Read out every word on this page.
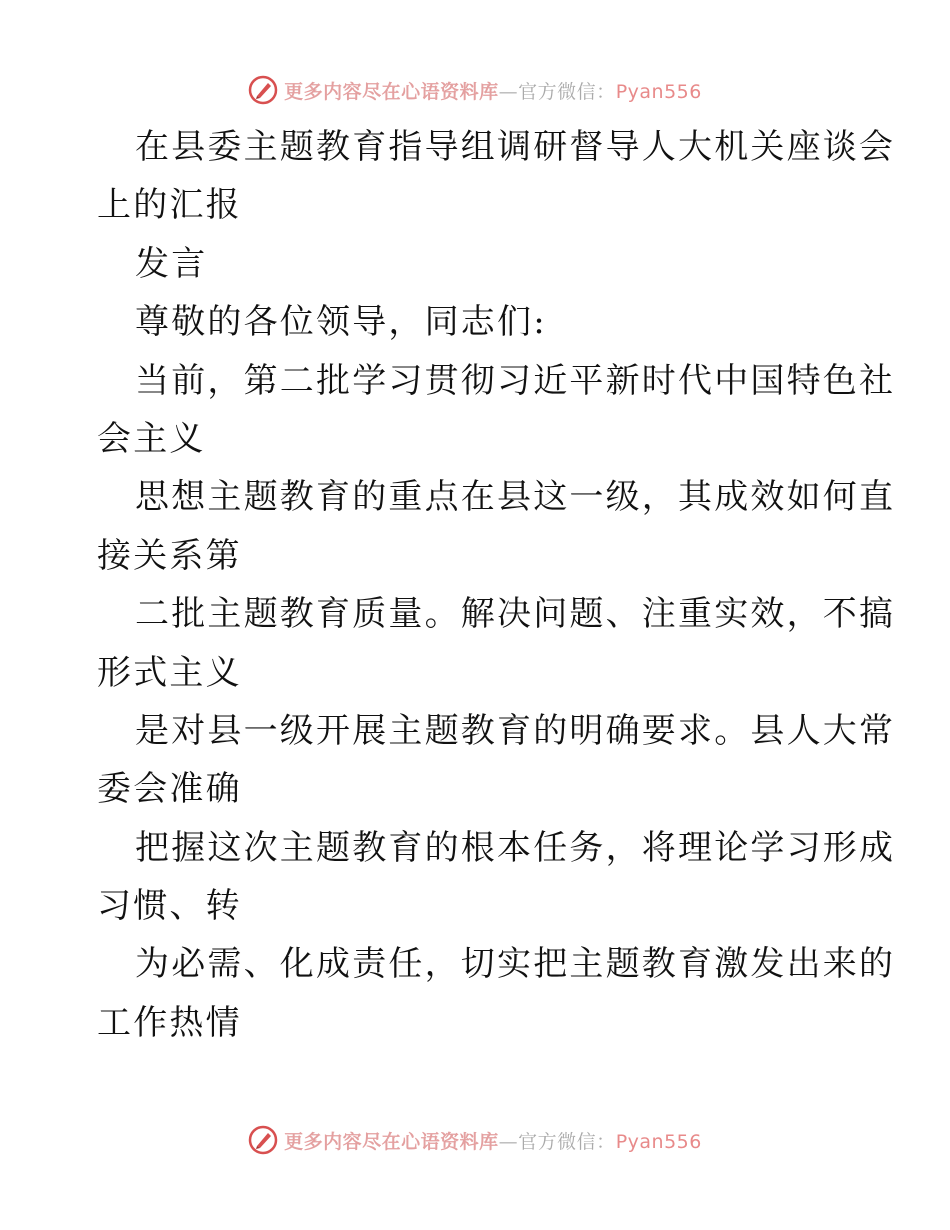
更多内容尽在心语资料库—官方微信：Pyan556
在县委主题教育指导组调研督导人大机关座谈会
上的汇报
发言
尊敬的各位领导，同志们:
当前，第二批学习贯彻习近平新时代中国特色社
会主义
思想主题教育的重点在县这一级，其成效如何直
接关系第
二批主题教育质量。解决问题、注重实效，不搞
形式主义
是对县一级开展主题教育的明确要求。县人大常
委会准确
把握这次主题教育的根本任务，将理论学习形成
习惯、转
为必需、化成责任，切实把主题教育激发出来的
工作热情
更多内容尽在心语资料库—官方微信：Pyan556
